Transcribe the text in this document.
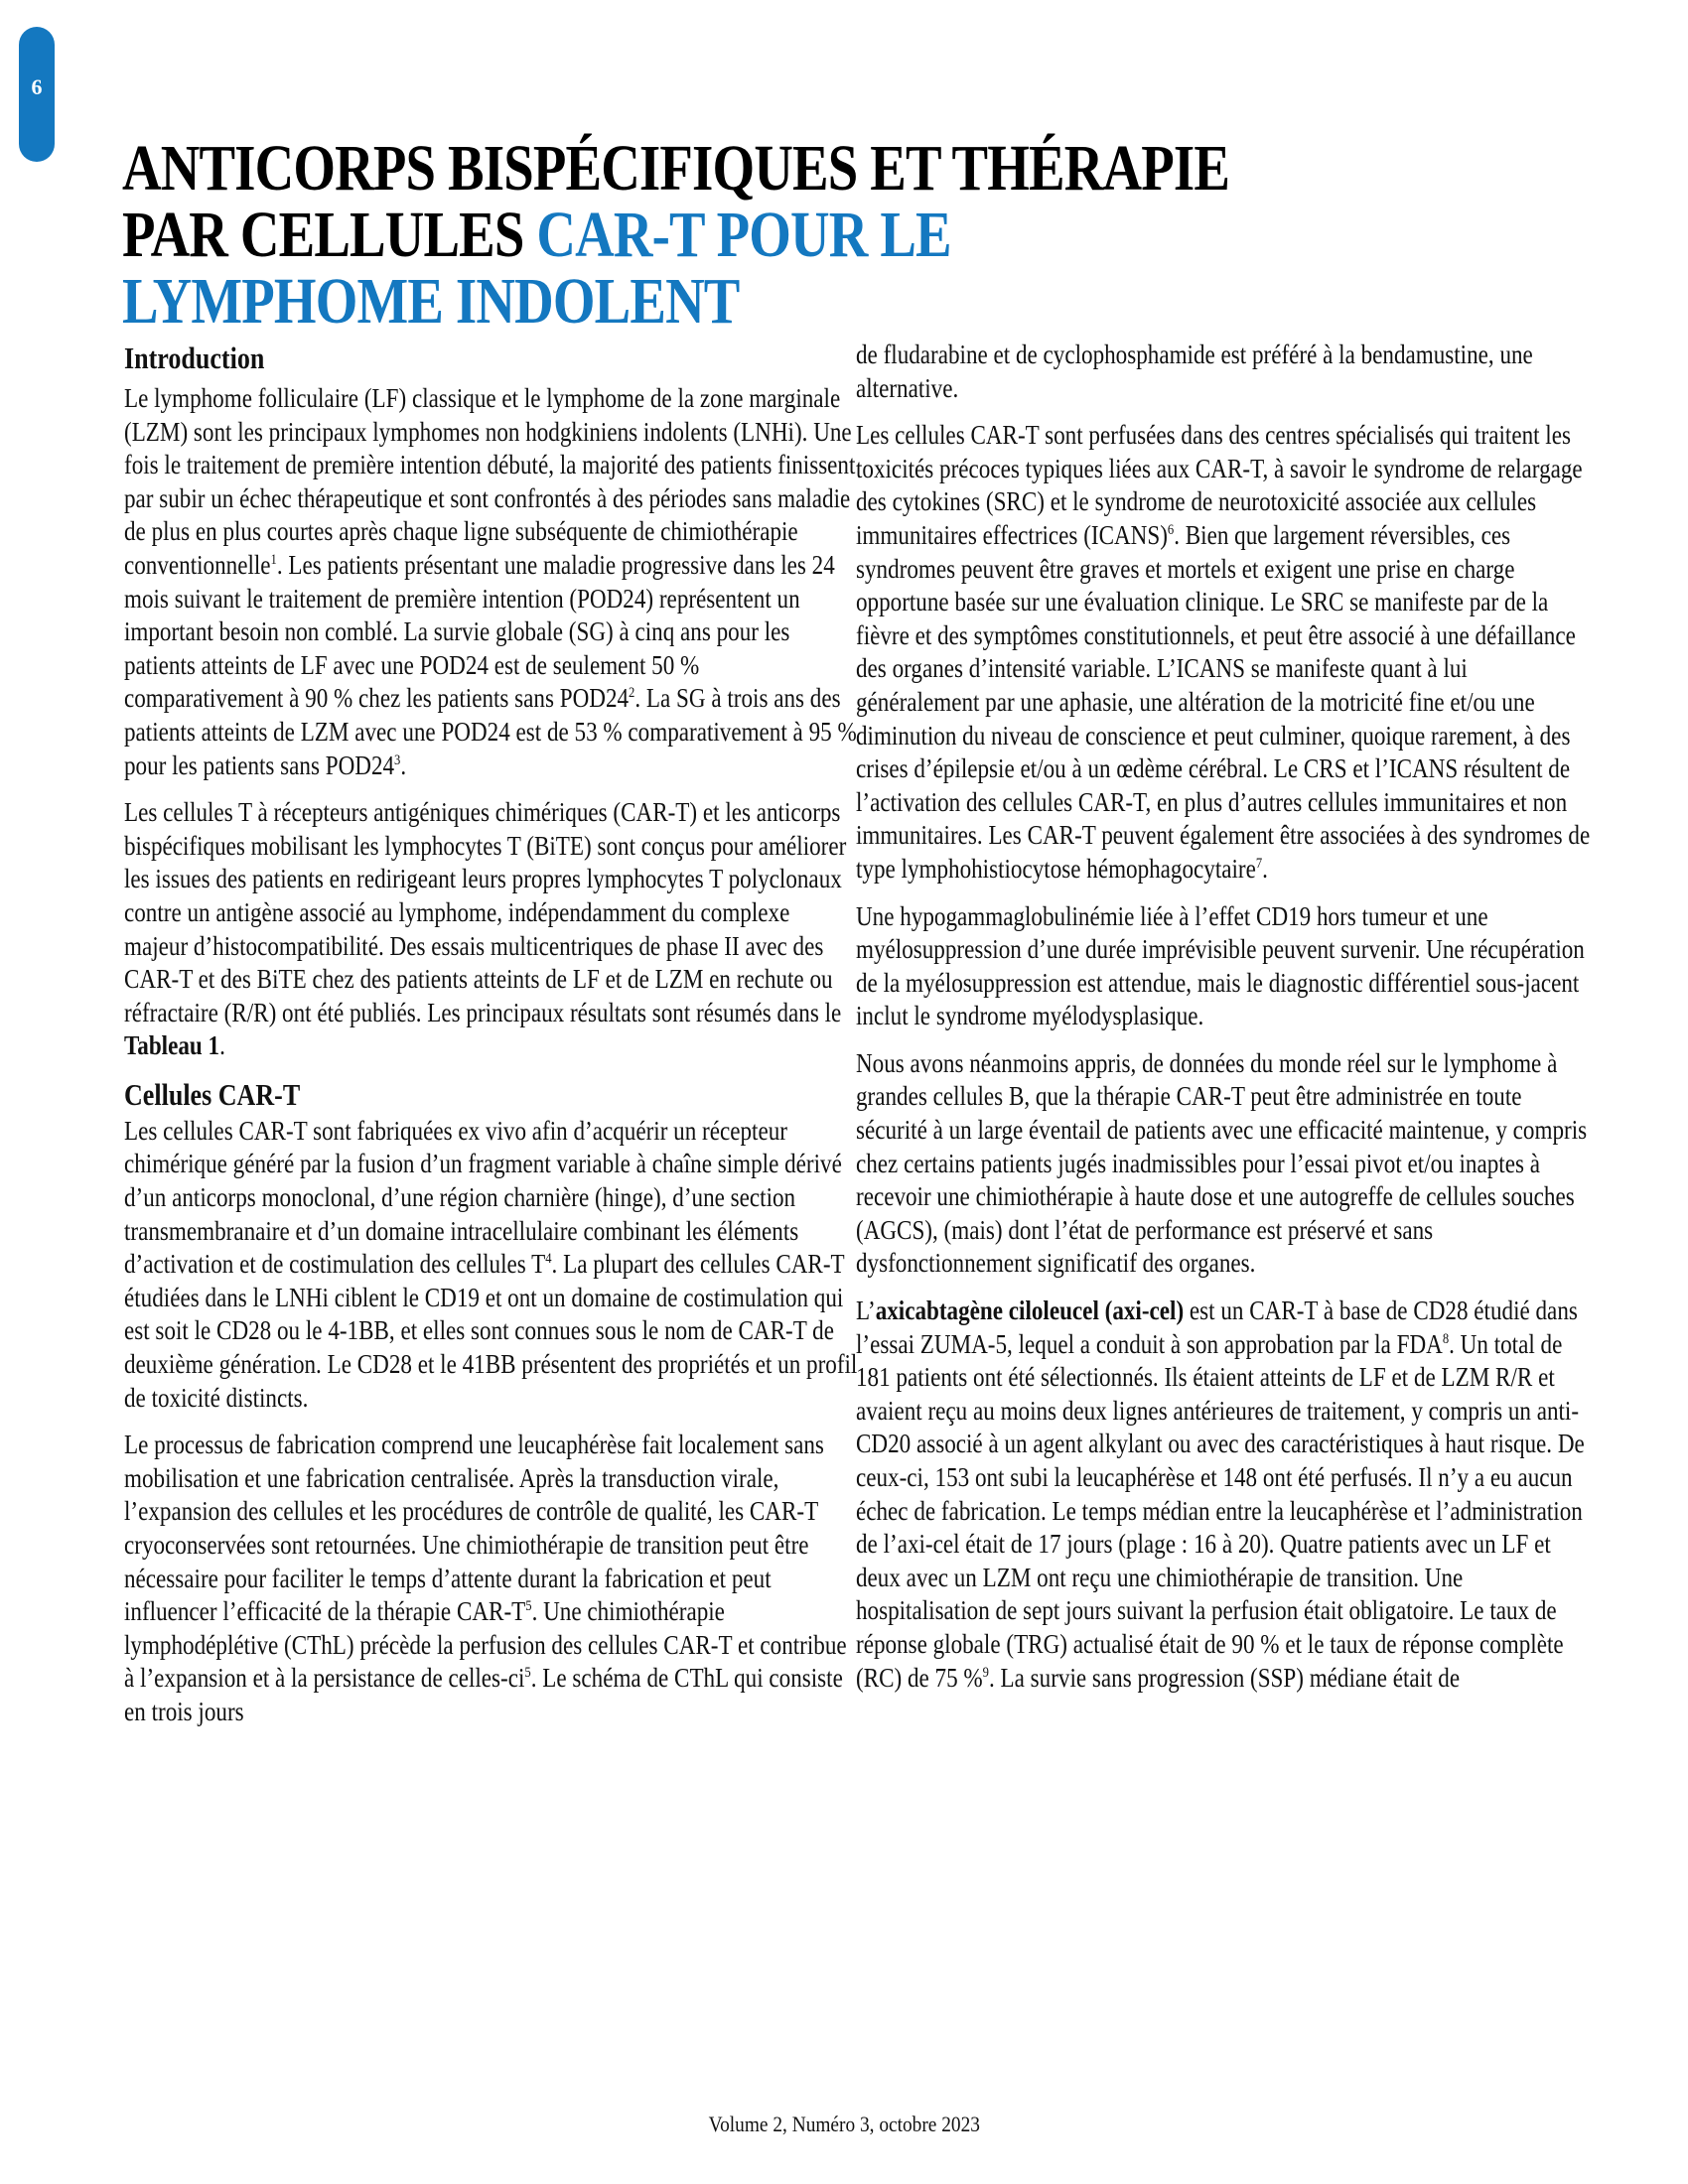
6
ANTICORPS BISPÉCIFIQUES ET THÉRAPIE
PAR CELLULES CAR-T POUR LE
LYMPHOME INDOLENT
Introduction

Le lymphome folliculaire (LF) classique et le lymphome de la zone marginale (LZM) sont les principaux lymphomes non hodgkiniens indolents (LNHi). Une fois le traitement de première intention débuté, la majorité des patients finissent par subir un échec thérapeutique et sont confrontés à des périodes sans maladie de plus en plus courtes après chaque ligne subséquente de chimiothérapie conventionnelle$^1$. Les patients présentant une maladie progressive dans les 24 mois suivant le traitement de première intention (POD24) représentent un important besoin non comblé. La survie globale (SG) à cinq ans pour les patients atteints de LF avec une POD24 est de seulement 50 % comparativement à 90 % chez les patients sans $POD24^2$. La SG à trois ans des patients atteints de LZM avec une POD24 est de 53 % comparativement à 95 % pour les patients sans $POD24^3$.

Les cellules T à récepteurs antigéniques chimériques (CAR-T) et les anticorps bispécifiques mobilisant les lymphocytes T (BiTE) sont conçus pour améliorer les issues des patients en redirigeant leurs propres lymphocytes T polyclonaux contre un antigène associé au lymphome, indépendamment du complexe majeur d’histocompatibilité. Des essais multicentriques de phase II avec des CAR-T et des BiTE chez des patients atteints de LF et de LZM en rechute ou réfractaire (R/R) ont été publiés. Les principaux résultats sont résumés dans le Tableau 1.

Cellules CAR-T

Les cellules CAR-T sont fabriquées ex vivo afin d’acquérir un récepteur chimérique généré par la fusion d’un fragment variable à chaîne simple dérivé d’un anticorps monoclonal, d’une région charnière (hinge), d’une section transmembranaire et d’un domaine intracellulaire combinant les éléments d’activation et de costimulation des cellules $T^4$. La plupart des cellules CAR-T étudiées dans le LNHi ciblent le CD19 et ont un domaine de costimulation qui est soit le CD28 ou le 4-1BB, et elles sont connues sous le nom de CAR-T de deuxième génération. Le CD28 et le 41BB présentent des propriétés et un profil de toxicité distincts.

Le processus de fabrication comprend une leucaphérèse fait localement sans mobilisation et une fabrication centralisée. Après la transduction virale, l’expansion des cellules et les procédures de contrôle de qualité, les CAR-T cryoconservées sont retournées. Une chimiothérapie de transition peut être nécessaire pour faciliter le temps d’attente durant la fabrication et peut influencer l’efficacité de la thérapie CAR-$T^5$. Une chimiothérapie lymphodéplétive (CThL) précède la perfusion des cellules CAR-T et contribue à l’expansion et à la persistance de celles-$ci^5$. Le schéma de CThL qui consiste en trois jours

de fludarabine et de cyclophosphamide est préféré à la bendamustine, une alternative.

Les cellules CAR-T sont perfusées dans des centres spécialisés qui traitent les toxicités précoces typiques liées aux CAR-T, à savoir le syndrome de relargage des cytokines (SRC) et le syndrome de neurotoxicité associée aux cellules immunitaires effectrices (ICANS)$^6$. Bien que largement réversibles, ces syndromes peuvent être graves et mortels et exigent une prise en charge opportune basée sur une évaluation clinique. Le SRC se manifeste par de la fièvre et des symptômes constitutionnels, et peut être associé à une défaillance des organes d’intensité variable. L’ICANS se manifeste quant à lui généralement par une aphasie, une altération de la motricité fine et/ou une diminution du niveau de conscience et peut culminer, quoique rarement, à des crises d’épilepsie et/ou à un œdème cérébral. Le CRS et l’ICANS résultent de l’activation des cellules CAR-T, en plus d’autres cellules immunitaires et non immunitaires. Les CAR-T peuvent également être associées à des syndromes de type lymphohistiocytose hémophagocytaire$^7$.

Une hypogammaglobulinémie liée à l’effet CD19 hors tumeur et une myélosuppression d’une durée imprévisible peuvent survenir. Une récupération de la myélosuppression est attendue, mais le diagnostic différentiel sous-jacent inclut le syndrome myélodysplasique.

Nous avons néanmoins appris, de données du monde réel sur le lymphome à grandes cellules B, que la thérapie CAR-T peut être administrée en toute sécurité à un large éventail de patients avec une efficacité maintenue, y compris chez certains patients jugés inadmissibles pour l’essai pivot et/ou inaptes à recevoir une chimiothérapie à haute dose et une autogreffe de cellules souches (AGCS), (mais) dont l’état de performance est préservé et sans dysfonctionnement significatif des organes.

L’axicabtagène ciloleucel (axi-cel) est un CAR-T à base de CD28 étudié dans l’essai ZUMA-5, lequel a conduit à son approbation par la FDA$^8$. Un total de 181 patients ont été sélectionnés. Ils étaient atteints de LF et de LZM R/R et avaient reçu au moins deux lignes antérieures de traitement, y compris un anti-CD20 associé à un agent alkylant ou avec des caractéristiques à haut risque. De ceux-ci, 153 ont subi la leucaphérèse et 148 ont été perfusés. Il n’y a eu aucun échec de fabrication. Le temps médian entre la leucaphérèse et l’administration de l’axi-cel était de 17 jours (plage : 16 à 20). Quatre patients avec un LF et deux avec un LZM ont reçu une chimiothérapie de transition. Une hospitalisation de sept jours suivant la perfusion était obligatoire. Le taux de réponse globale (TRG) actualisé était de 90 % et le taux de réponse complète (RC) de 75 %$^9$. La survie sans progression (SSP) médiane était de

Volume 2, Numéro 3, octobre 2023
